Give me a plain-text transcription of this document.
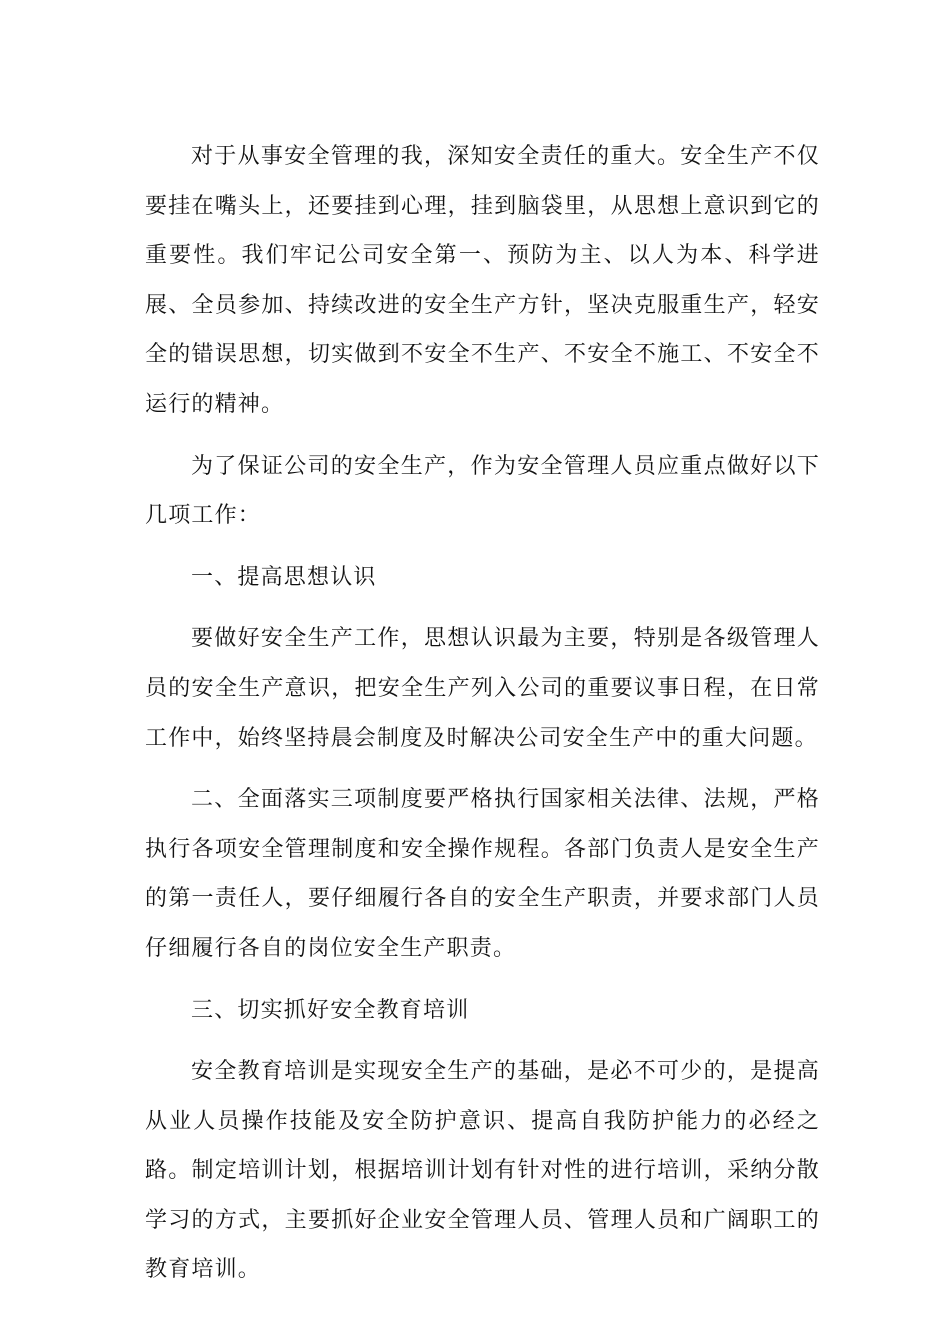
对于从事安全管理的我，深知安全责任的重大。安全生产不仅要挂在嘴头上，还要挂到心理，挂到脑袋里，从思想上意识到它的重要性。我们牢记公司安全第一、预防为主、以人为本、科学进展、全员参加、持续改进的安全生产方针，坚决克服重生产，轻安全的错误思想，切实做到不安全不生产、不安全不施工、不安全不运行的精神。

为了保证公司的安全生产，作为安全管理人员应重点做好以下几项工作：

一、提高思想认识

要做好安全生产工作，思想认识最为主要，特别是各级管理人员的安全生产意识，把安全生产列入公司的重要议事日程，在日常工作中，始终坚持晨会制度及时解决公司安全生产中的重大问题。

二、全面落实三项制度要严格执行国家相关法律、法规，严格执行各项安全管理制度和安全操作规程。各部门负责人是安全生产的第一责任人，要仔细履行各自的安全生产职责，并要求部门人员仔细履行各自的岗位安全生产职责。

三、切实抓好安全教育培训

安全教育培训是实现安全生产的基础，是必不可少的，是提高从业人员操作技能及安全防护意识、提高自我防护能力的必经之路。制定培训计划，根据培训计划有针对性的进行培训，采纳分散学习的方式，主要抓好企业安全管理人员、管理人员和广阔职工的教育培训。
